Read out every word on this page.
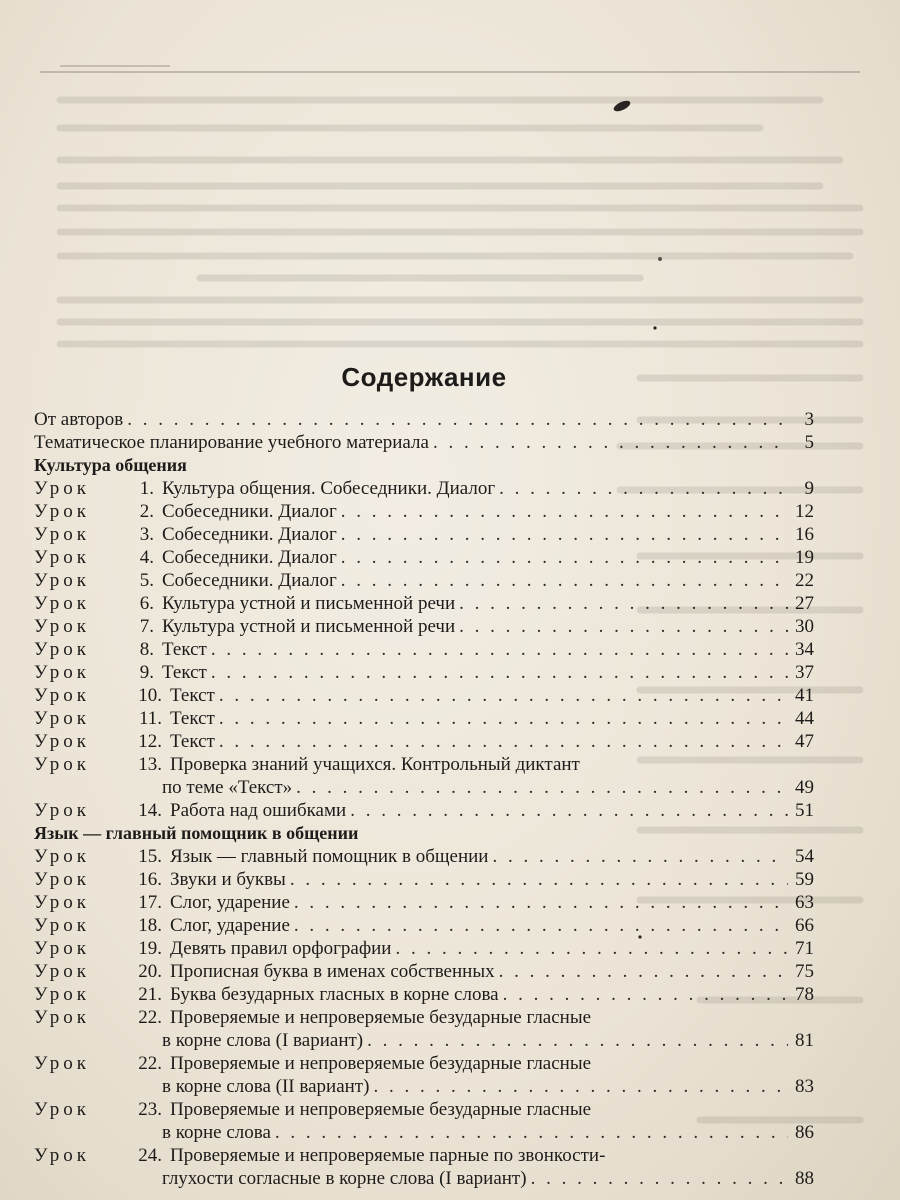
Содержание
От авторов . . .	3
Тематическое планирование учебного материала . . .	5
Культура общения
Урок	1. Культура общения. Собеседники. Диалог . . .	9
Урок	2. Собеседники. Диалог . . .	12
Урок	3. Собеседники. Диалог . . .	16
Урок	4. Собеседники. Диалог . . .	19
Урок	5. Собеседники. Диалог . . .	22
Урок	6. Культура устной и письменной речи . . .	27
Урок	7. Культура устной и письменной речи . . .	30
Урок	8. Текст . . .	34
Урок	9. Текст . . .	37
Урок	10. Текст . . .	41
Урок	11. Текст . . .	44
Урок	12. Текст . . .	47
Урок	13. Проверка знаний учащихся. Контрольный диктант
по теме «Текст» . . .	49
Урок	14. Работа над ошибками . . .	51
Язык — главный помощник в общении
Урок	15. Язык — главный помощник в общении . . .	54
Урок	16. Звуки и буквы . . .	59
Урок	17. Слог, ударение . . .	63
Урок	18. Слог, ударение . . .	66
Урок	19. Девять правил орфографии . . .	71
Урок	20. Прописная буква в именах собственных . . .	75
Урок	21. Буква безударных гласных в корне слова . . .	78
Урок	22. Проверяемые и непроверяемые безударные гласные
в корне слова (I вариант) . . .	81
Урок	22. Проверяемые и непроверяемые безударные гласные
в корне слова (II вариант) . . .	83
Урок	23. Проверяемые и непроверяемые безударные гласные
в корне слова . . .	86
Урок	24. Проверяемые и непроверяемые парные по звонкости-
глухости согласные в корне слова (I вариант) . . .	88
